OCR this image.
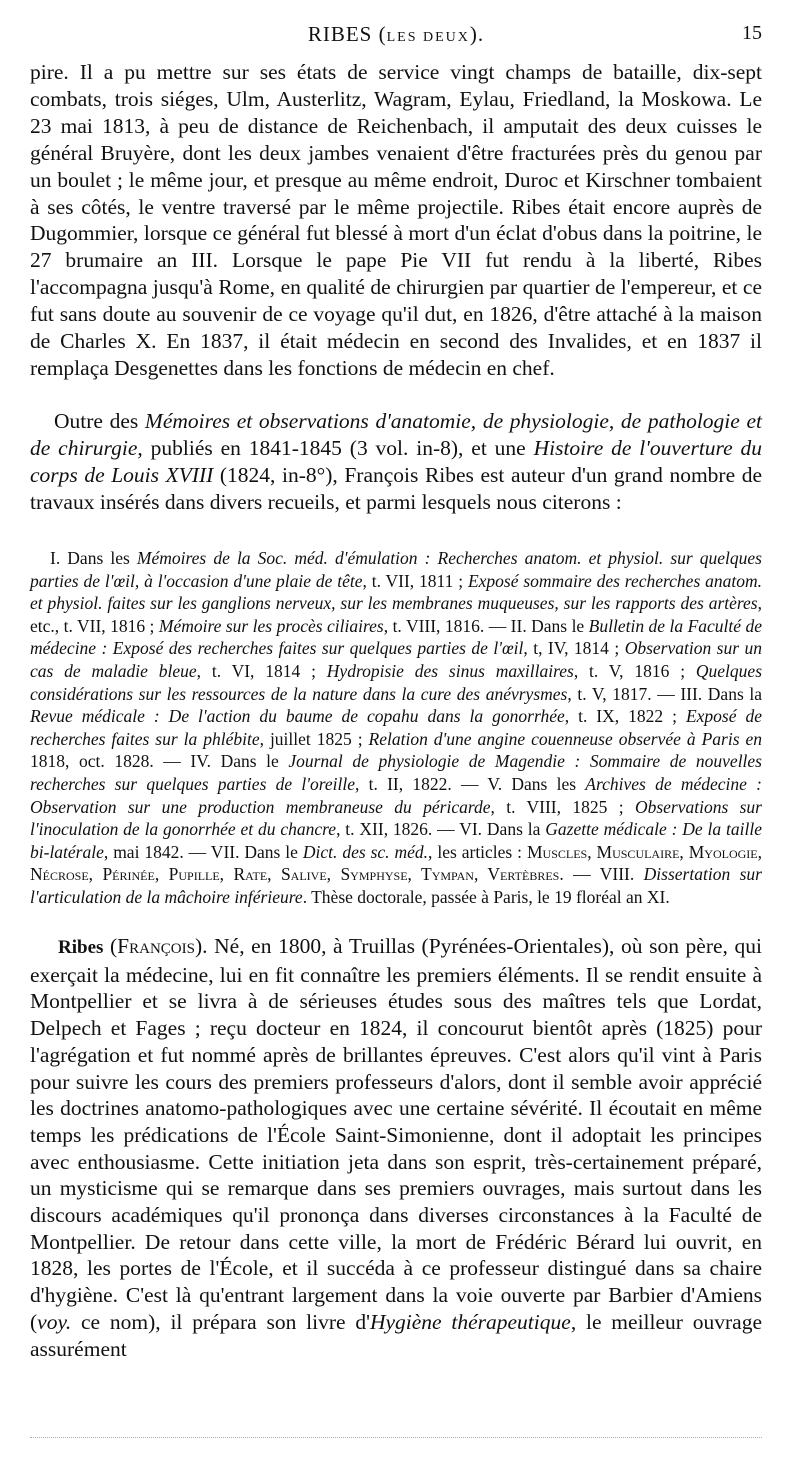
RIBES (LES DEUX).	15

pire. Il a pu mettre sur ses états de service vingt champs de bataille, dix-sept combats, trois siéges, Ulm, Austerlitz, Wagram, Eylau, Friedland, la Moskowa. Le 23 mai 1813, à peu de distance de Reichenbach, il amputait des deux cuisses le général Bruyère, dont les deux jambes venaient d'être fracturées près du genou par un boulet ; le même jour, et presque au même endroit, Duroc et Kirschner tombaient à ses côtés, le ventre traversé par le même projectile. Ribes était encore auprès de Dugommier, lorsque ce général fut blessé à mort d'un éclat d'obus dans la poitrine, le 27 brumaire an III. Lorsque le pape Pie VII fut rendu à la liberté, Ribes l'accompagna jusqu'à Rome, en qualité de chirurgien par quartier de l'empereur, et ce fut sans doute au souvenir de ce voyage qu'il dut, en 1826, d'être attaché à la maison de Charles X. En 1837, il était médecin en second des Invalides, et en 1837 il remplaça Desgenettes dans les fonctions de médecin en chef.

Outre des Mémoires et observations d'anatomie, de physiologie, de pathologie et de chirurgie, publiés en 1841-1845 (3 vol. in-8), et une Histoire de l'ouverture du corps de Louis XVIII (1824, in-8°), François Ribes est auteur d'un grand nombre de travaux insérés dans divers recueils, et parmi lesquels nous citerons :

I. Dans les Mémoires de la Soc. méd. d'émulation : Recherches anatom. et physiol. sur quelques parties de l'œil, à l'occasion d'une plaie de tête, t. VII, 1811 ; Exposé sommaire des recherches anatom. et physiol. faites sur les ganglions nerveux, sur les membranes muqueuses, sur les rapports des artères, etc., t. VII, 1816 ; Mémoire sur les procès ciliaires, t. VIII, 1816. — II. Dans le Bulletin de la Faculté de médecine : Exposé des recherches faites sur quelques parties de l'œil, t, IV, 1814 ; Observation sur un cas de maladie bleue, t. VI, 1814 ; Hydropisie des sinus maxillaires, t. V, 1816 ; Quelques considérations sur les ressources de la nature dans la cure des anévrysmes, t. V, 1817. — III. Dans la Revue médicale : De l'action du baume de copahu dans la gonorrhée, t. IX, 1822 ; Exposé de recherches faites sur la phlébite, juillet 1825 ; Relation d'une angine couenneuse observée à Paris en 1818, oct. 1828. — IV. Dans le Journal de physiologie de Magendie : Sommaire de nouvelles recherches sur quelques parties de l'oreille, t. II, 1822. — V. Dans les Archives de médecine : Observation sur une production membraneuse du péricarde, t. VIII, 1825 ; Observations sur l'inoculation de la gonorrhée et du chancre, t. XII, 1826. — VI. Dans la Gazette médicale : De la taille bi-latérale, mai 1842. — VII. Dans le Dict. des sc. méd., les articles : Muscles, Musculaire, Myologie, Nécrose, Périnée, Pupille, Rate, Salive, Symphyse, Tympan, Vertèbres. — VIII. Dissertation sur l'articulation de la mâchoire inférieure. Thèse doctorale, passée à Paris, le 19 floréal an XI.
Ribes (François). Né, en 1800, à Truillas (Pyrénées-Orientales), où son père, qui exerçait la médecine, lui en fit connaître les premiers éléments. Il se rendit ensuite à Montpellier et se livra à de sérieuses études sous des maîtres tels que Lordat, Delpech et Fages ; reçu docteur en 1824, il concourut bientôt après (1825) pour l'agrégation et fut nommé après de brillantes épreuves. C'est alors qu'il vint à Paris pour suivre les cours des premiers professeurs d'alors, dont il semble avoir apprécié les doctrines anatomo-pathologiques avec une certaine sévérité. Il écoutait en même temps les prédications de l'École Saint-Simonienne, dont il adoptait les principes avec enthousiasme. Cette initiation jeta dans son esprit, très-certainement préparé, un mysticisme qui se remarque dans ses premiers ouvrages, mais surtout dans les discours académiques qu'il prononça dans diverses circonstances à la Faculté de Montpellier. De retour dans cette ville, la mort de Frédéric Bérard lui ouvrit, en 1828, les portes de l'École, et il succéda à ce professeur distingué dans sa chaire d'hygiène. C'est là qu'entrant largement dans la voie ouverte par Barbier d'Amiens (voy. ce nom), il prépara son livre d'Hygiène thérapeutique, le meilleur ouvrage assurément
